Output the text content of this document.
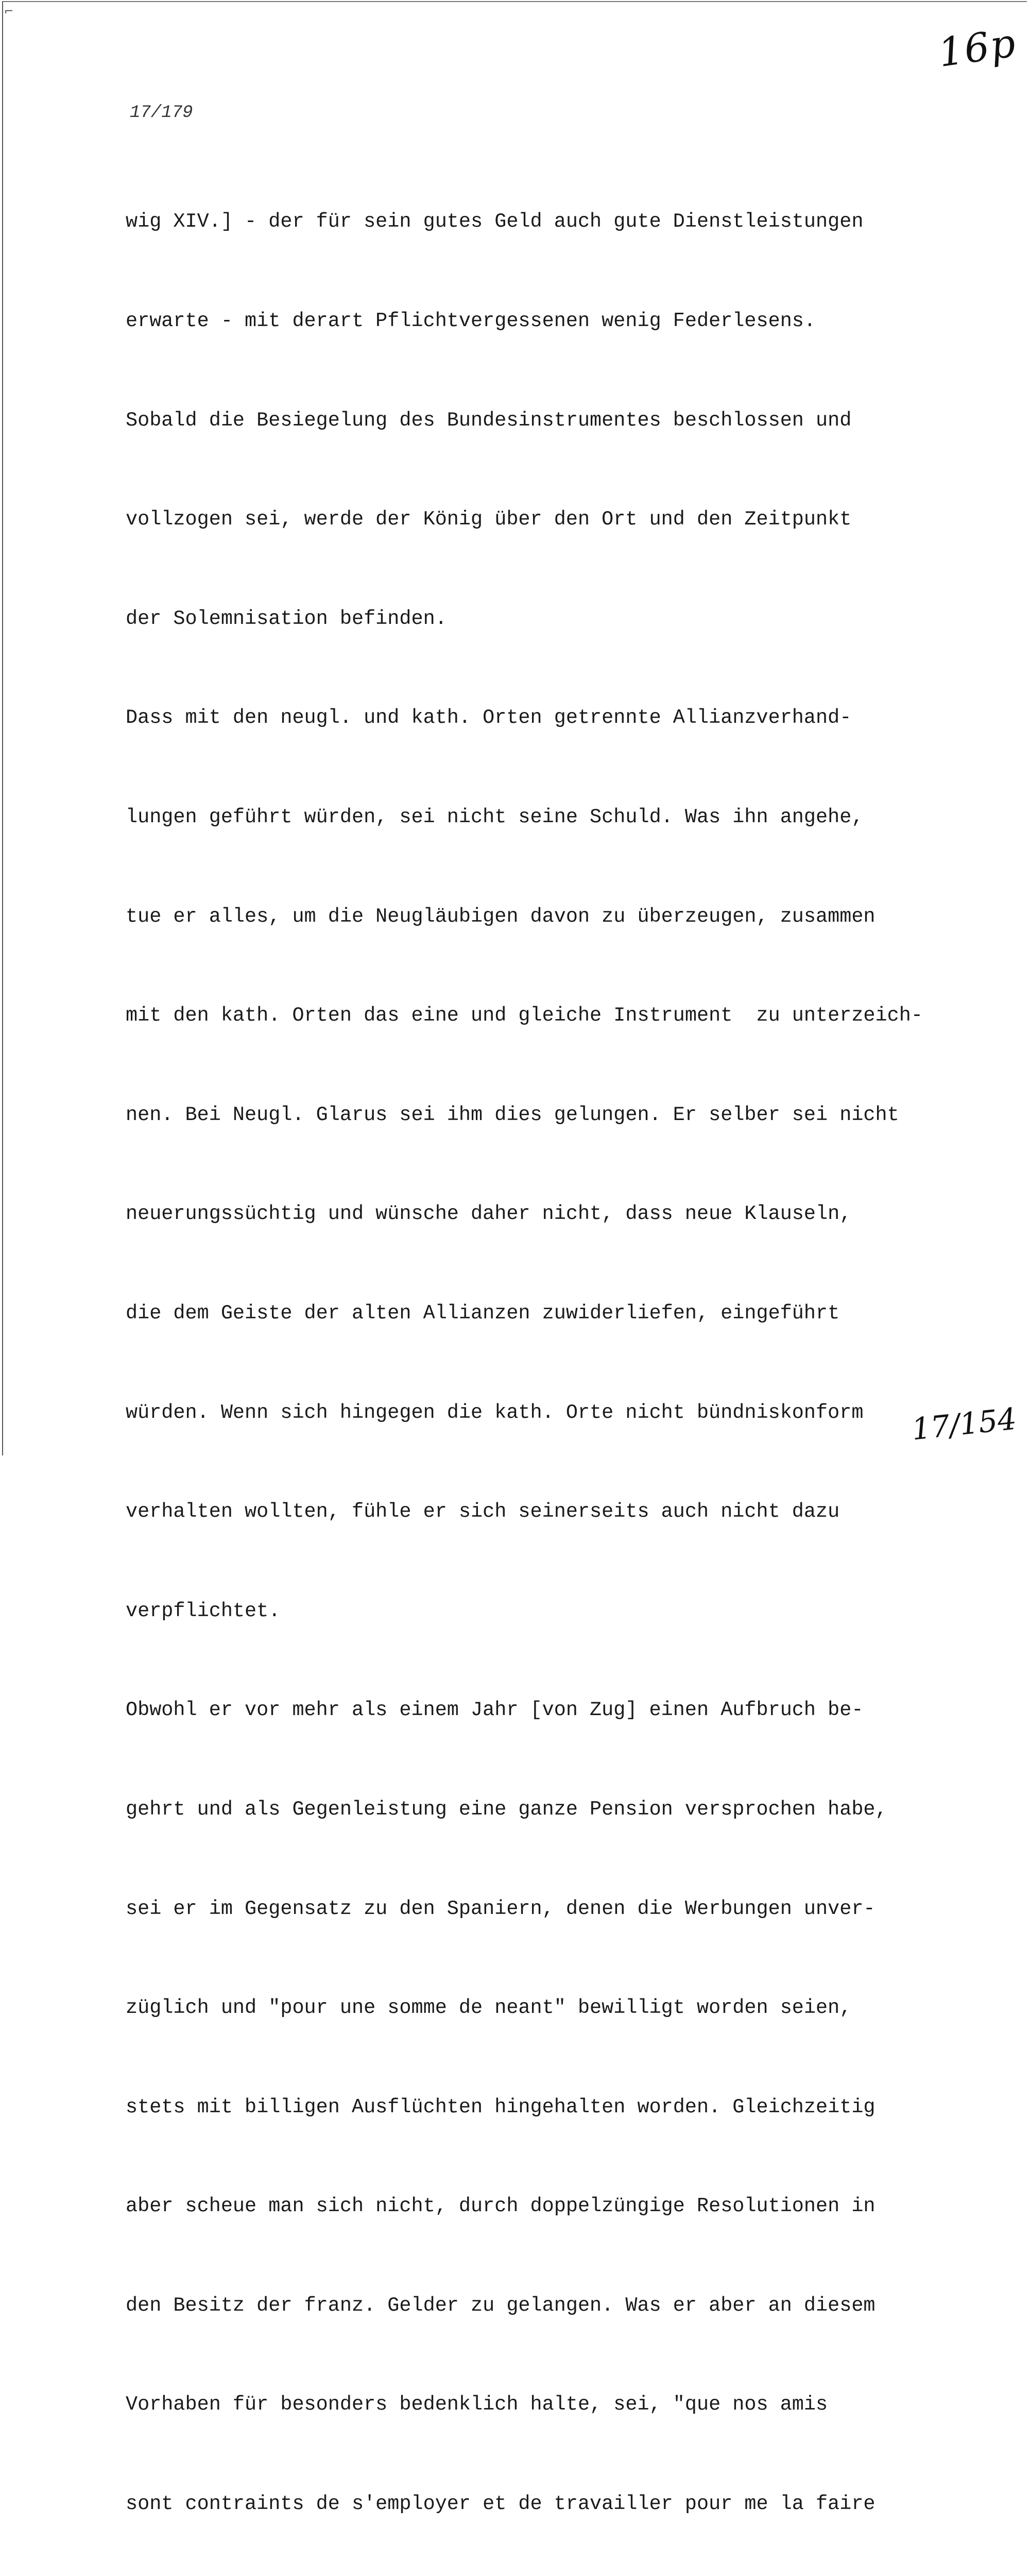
⌐
16p
17/179

wig XIV.] - der für sein gutes Geld auch gute Dienstleistungen

erwarte - mit derart Pflichtvergessenen wenig Federlesens.

Sobald die Besiegelung des Bundesinstrumentes beschlossen und

vollzogen sei, werde der König über den Ort und den Zeitpunkt

der Solemnisation befinden.

Dass mit den neugl. und kath. Orten getrennte Allianzverhand-

lungen geführt würden, sei nicht seine Schuld. Was ihn angehe,

tue er alles, um die Neugläubigen davon zu überzeugen, zusammen

mit den kath. Orten das eine und gleiche Instrument  zu unterzeich-

nen. Bei Neugl. Glarus sei ihm dies gelungen. Er selber sei nicht

neuerungssüchtig und wünsche daher nicht, dass neue Klauseln,

die dem Geiste der alten Allianzen zuwiderliefen, eingeführt

würden. Wenn sich hingegen die kath. Orte nicht bündniskonform

verhalten wollten, fühle er sich seinerseits auch nicht dazu

verpflichtet.

Obwohl er vor mehr als einem Jahr [von Zug] einen Aufbruch be-

gehrt und als Gegenleistung eine ganze Pension versprochen habe,

sei er im Gegensatz zu den Spaniern, denen die Werbungen unver-

züglich und "pour une somme de neant" bewilligt worden seien,

stets mit billigen Ausflüchten hingehalten worden. Gleichzeitig

aber scheue man sich nicht, durch doppelzüngige Resolutionen in

den Besitz der franz. Gelder zu gelangen. Was er aber an diesem

Vorhaben für besonders bedenklich halte, sei, "que nos amis

sont contraints de s'employer et de travailler pour me la faire

17/154
